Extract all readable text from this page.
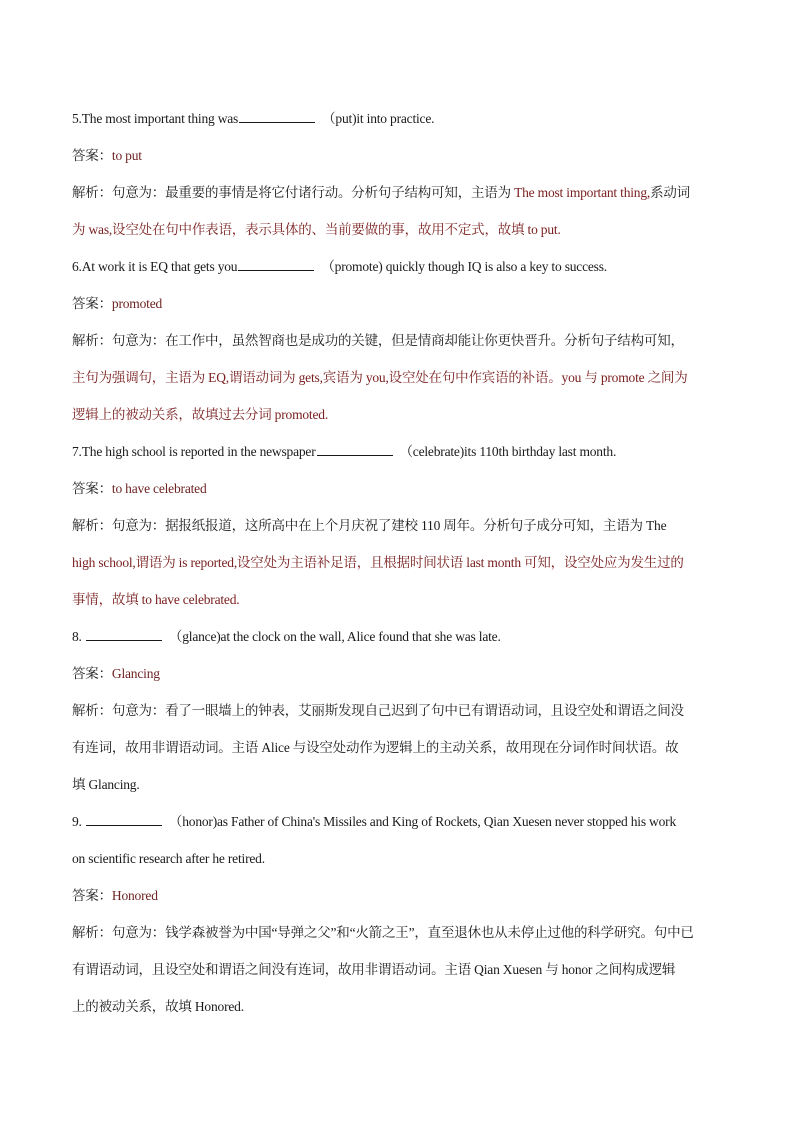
5.The most important thing was	（put)it into practice.
答案：to put
解析：句意为：最重要的事情是将它付诸行动。分析句子结构可知，主语为 The most important thing,系动词
为 was,设空处在句中作表语，表示具体的、当前要做的事，故用不定式，故填 to put.
6.At work it is EQ that gets you	（promote) quickly though IQ is also a key to success.
答案：promoted
解析：句意为：在工作中，虽然智商也是成功的关键，但是情商却能让你更快晋升。分析句子结构可知，
主句为强调句，主语为 EQ,谓语动词为 gets,宾语为 you,设空处在句中作宾语的补语。you 与 promote 之间为
逻辑上的被动关系，故填过去分词 promoted.
7.The high school is reported in the newspaper	（celebrate)its 110th birthday last month.
答案：to have celebrated
解析：句意为：据报纸报道，这所高中在上个月庆祝了建校 110 周年。分析句子成分可知，主语为 The
high school,谓语为 is reported,设空处为主语补足语，且根据时间状语 last month 可知，设空处应为发生过的
事情，故填 to have celebrated.
8.	（glance)at the clock on the wall, Alice found that she was late.
答案：Glancing
解析：句意为：看了一眼墙上的钟表，艾丽斯发现自己迟到了句中已有谓语动词，且设空处和谓语之间没
有连词，故用非谓语动词。主语 Alice 与设空处动作为逻辑上的主动关系，故用现在分词作时间状语。故
填 Glancing.
9.	（honor)as Father of China's Missiles and King of Rockets, Qian Xuesen never stopped his work
on scientific research after he retired.
答案：Honored
解析：句意为：钱学森被誉为中国“导弹之父”和“火箭之王”，直至退休也从未停止过他的科学研究。句中已
有谓语动词，且设空处和谓语之间没有连词，故用非谓语动词。主语 Qian Xuesen 与 honor 之间构成逻辑
上的被动关系，故填 Honored.
